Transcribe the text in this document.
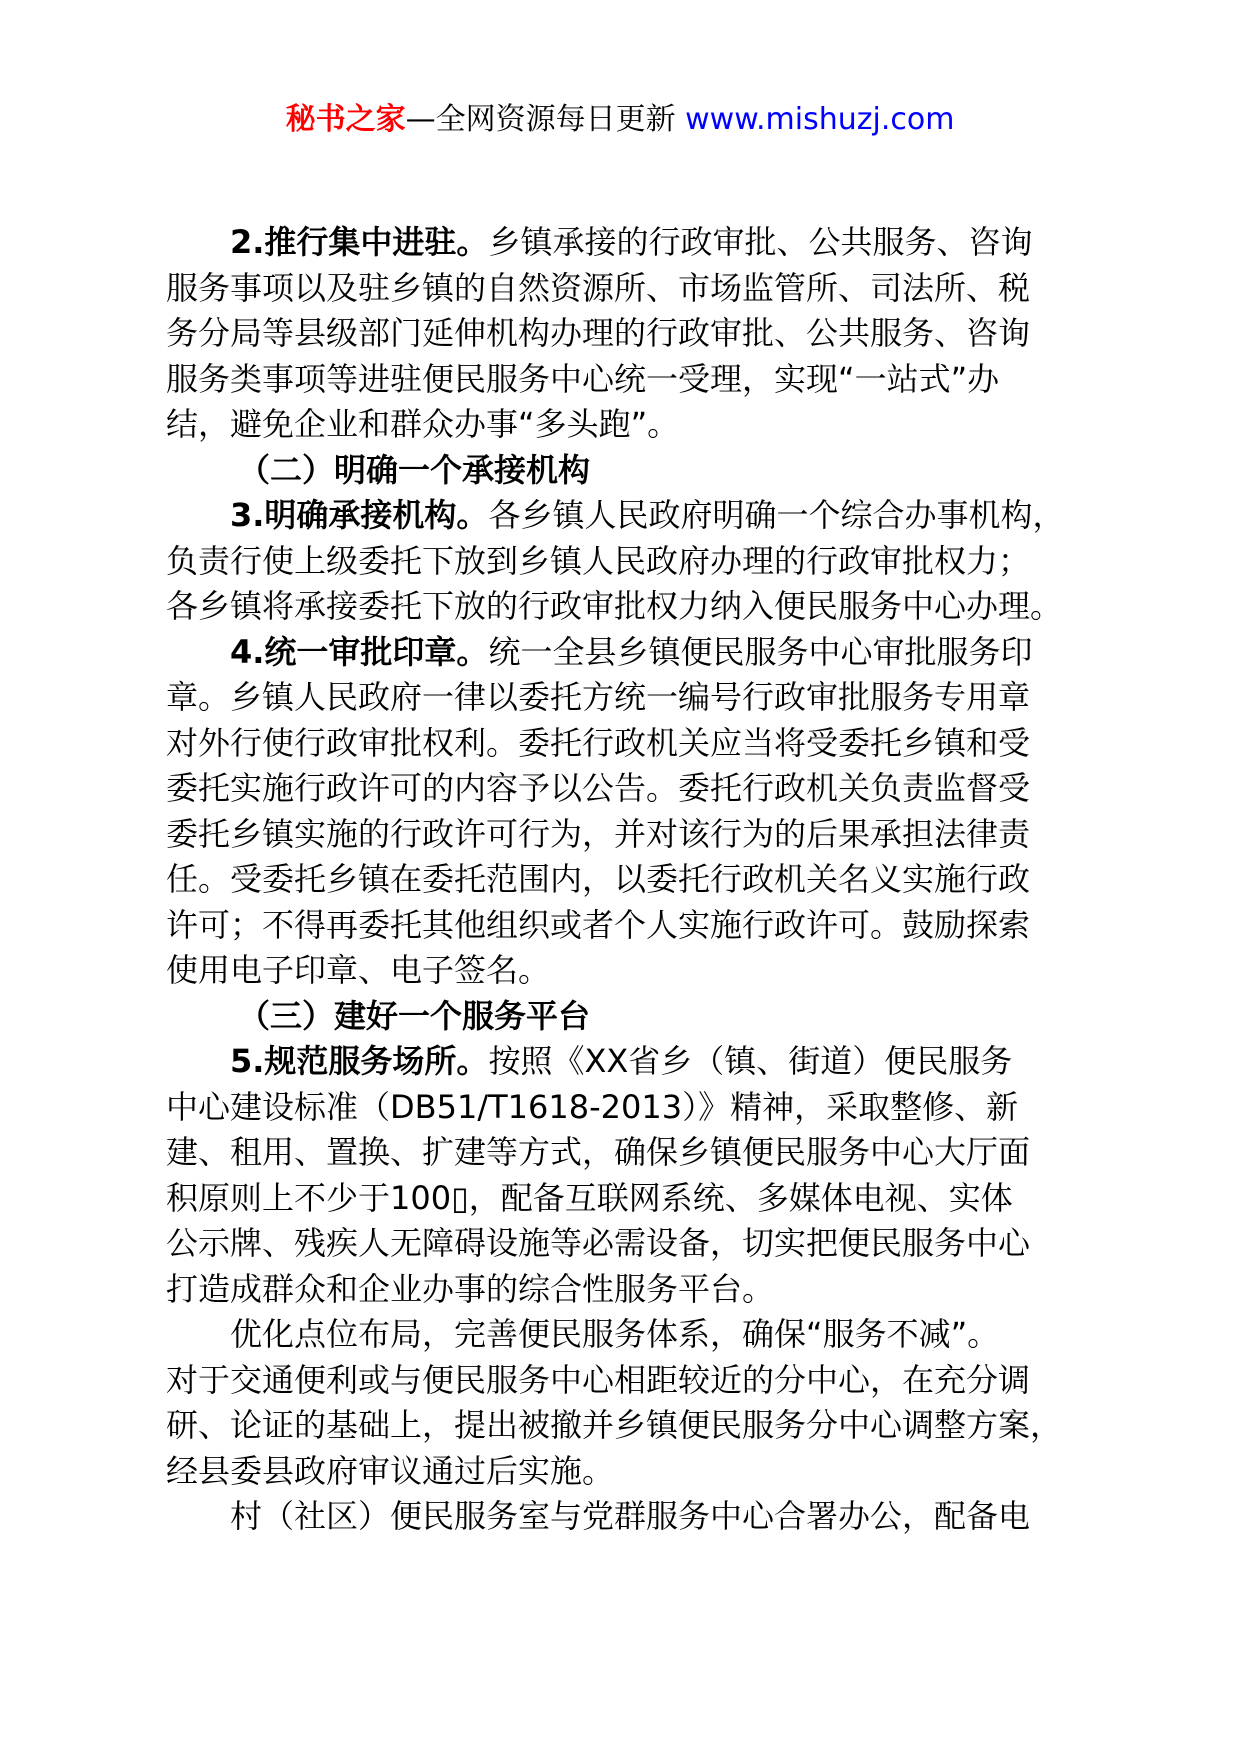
秘书之家—全网资源每日更新 www.mishuzj.com
2.推行集中进驻。乡镇承接的行政审批、公共服务、咨询
服务事项以及驻乡镇的自然资源所、市场监管所、司法所、税
务分局等县级部门延伸机构办理的行政审批、公共服务、咨询
服务类事项等进驻便民服务中心统一受理，实现“一站式”办
结，避免企业和群众办事“多头跑”。
（二）明确一个承接机构
3.明确承接机构。各乡镇人民政府明确一个综合办事机构，
负责行使上级委托下放到乡镇人民政府办理的行政审批权力；
各乡镇将承接委托下放的行政审批权力纳入便民服务中心办理。
4.统一审批印章。统一全县乡镇便民服务中心审批服务印
章。乡镇人民政府一律以委托方统一编号行政审批服务专用章
对外行使行政审批权利。委托行政机关应当将受委托乡镇和受
委托实施行政许可的内容予以公告。委托行政机关负责监督受
委托乡镇实施的行政许可行为，并对该行为的后果承担法律责
任。受委托乡镇在委托范围内，以委托行政机关名义实施行政
许可；不得再委托其他组织或者个人实施行政许可。鼓励探索
使用电子印章、电子签名。
（三）建好一个服务平台
5.规范服务场所。按照《XX省乡（镇、街道）便民服务
中心建设标准（DB51/T1618-2013）》精神，采取整修、新
建、租用、置换、扩建等方式，确保乡镇便民服务中心大厅面
积原则上不少于100▯，配备互联网系统、多媒体电视、实体
公示牌、残疾人无障碍设施等必需设备，切实把便民服务中心
打造成群众和企业办事的综合性服务平台。
优化点位布局，完善便民服务体系，确保“服务不减”。
对于交通便利或与便民服务中心相距较近的分中心，在充分调
研、论证的基础上，提出被撤并乡镇便民服务分中心调整方案，
经县委县政府审议通过后实施。
村（社区）便民服务室与党群服务中心合署办公，配备电
